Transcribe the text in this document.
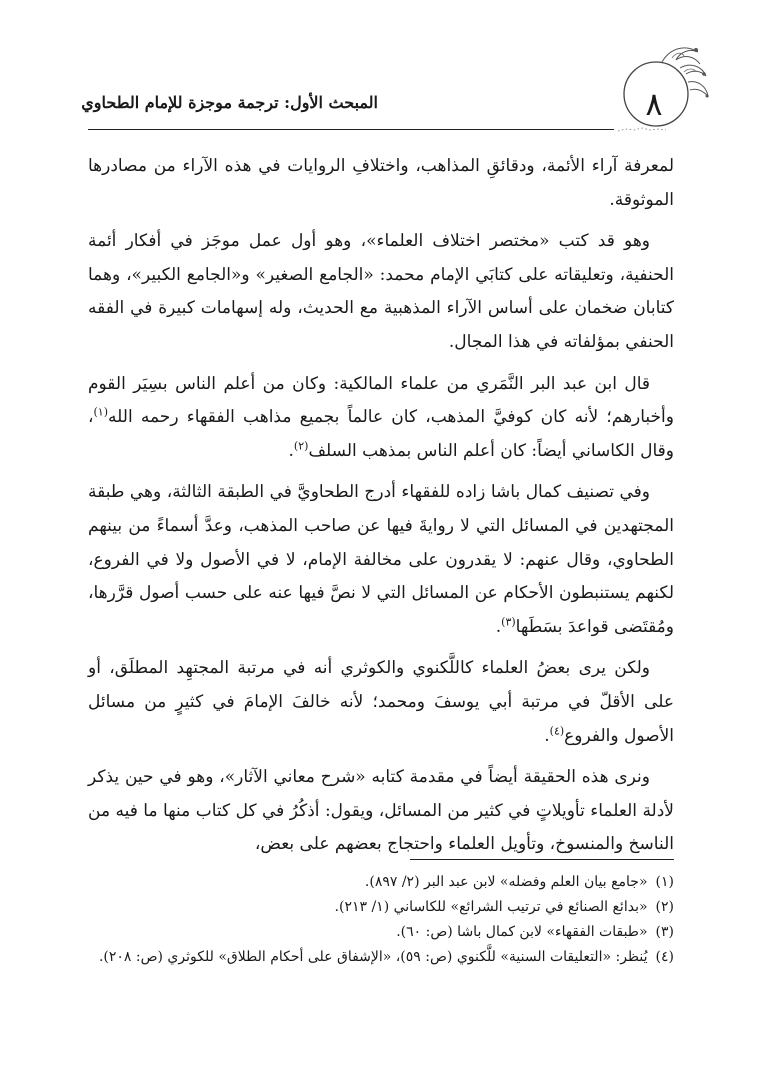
٨
المبحث الأول: ترجمة موجزة للإمام الطحاوي

لمعرفة آراء الأئمة، ودقائقِ المذاهب، واختلافِ الروايات في هذه الآراء من مصادرها الموثوقة.

وهو قد كتب «مختصر اختلاف العلماء»، وهو أول عمل موجَز في أفكار أئمة الحنفية، وتعليقاته على كتابَي الإمام محمد: «الجامع الصغير» و«الجامع الكبير»، وهما كتابان ضخمان على أساس الآراء المذهبية مع الحديث، وله إسهامات كبيرة في الفقه الحنفي بمؤلفاته في هذا المجال.

قال ابن عبد البر النَّمَري من علماء المالكية: وكان من أعلم الناس بسِيَر القوم وأخبارهم؛ لأنه كان كوفيَّ المذهب، كان عالماً بجميع مذاهب الفقهاء رحمه الله$^{(١)}$، وقال الكاساني أيضاً: كان أعلم الناس بمذهب السلف$^{(٢)}$.

وفي تصنيف كمال باشا زاده للفقهاء أدرج الطحاويَّ في الطبقة الثالثة، وهي طبقة المجتهدين في المسائل التي لا روايةَ فيها عن صاحب المذهب، وعدَّ أسماءً من بينهم الطحاوي، وقال عنهم: لا يقدرون على مخالفة الإمام، لا في الأصول ولا في الفروع، لكنهم يستنبطون الأحكام عن المسائل التي لا نصَّ فيها عنه على حسب أصول قرَّرها، ومُقتَضى قواعدَ بسَطَها$^{(٣)}$.

ولكن يرى بعضُ العلماء كاللَّكنوي والكوثري أنه في مرتبة المجتهِد المطلَق، أو على الأقلّ في مرتبة أبي يوسفَ ومحمد؛ لأنه خالفَ الإمامَ في كثيرٍ من مسائل الأصول والفروع$^{(٤)}$.

ونرى هذه الحقيقة أيضاً في مقدمة كتابه «شرح معاني الآثار»، وهو في حين يذكر لأدلة العلماء تأويلاتٍ في كثير من المسائل، ويقول: أذكُرُ في كل كتاب منها ما فيه من الناسخ والمنسوخ، وتأويل العلماء واحتجاج بعضهم على بعض،

(١)
«جامع بيان العلم وفضله» لابن عبد البر (٢/ ٨٩٧).
(٢)
«بدائع الصنائع في ترتيب الشرائع» للكاساني (١/ ٢١٣).
(٣)
«طبقات الفقهاء» لابن كمال باشا (ص: ٦٠).
(٤)
يُنظر: «التعليقات السنية» للَّكنوي (ص: ٥٩)، «الإشفاق على أحكام الطلاق» للكوثري (ص: ٢٠٨).
